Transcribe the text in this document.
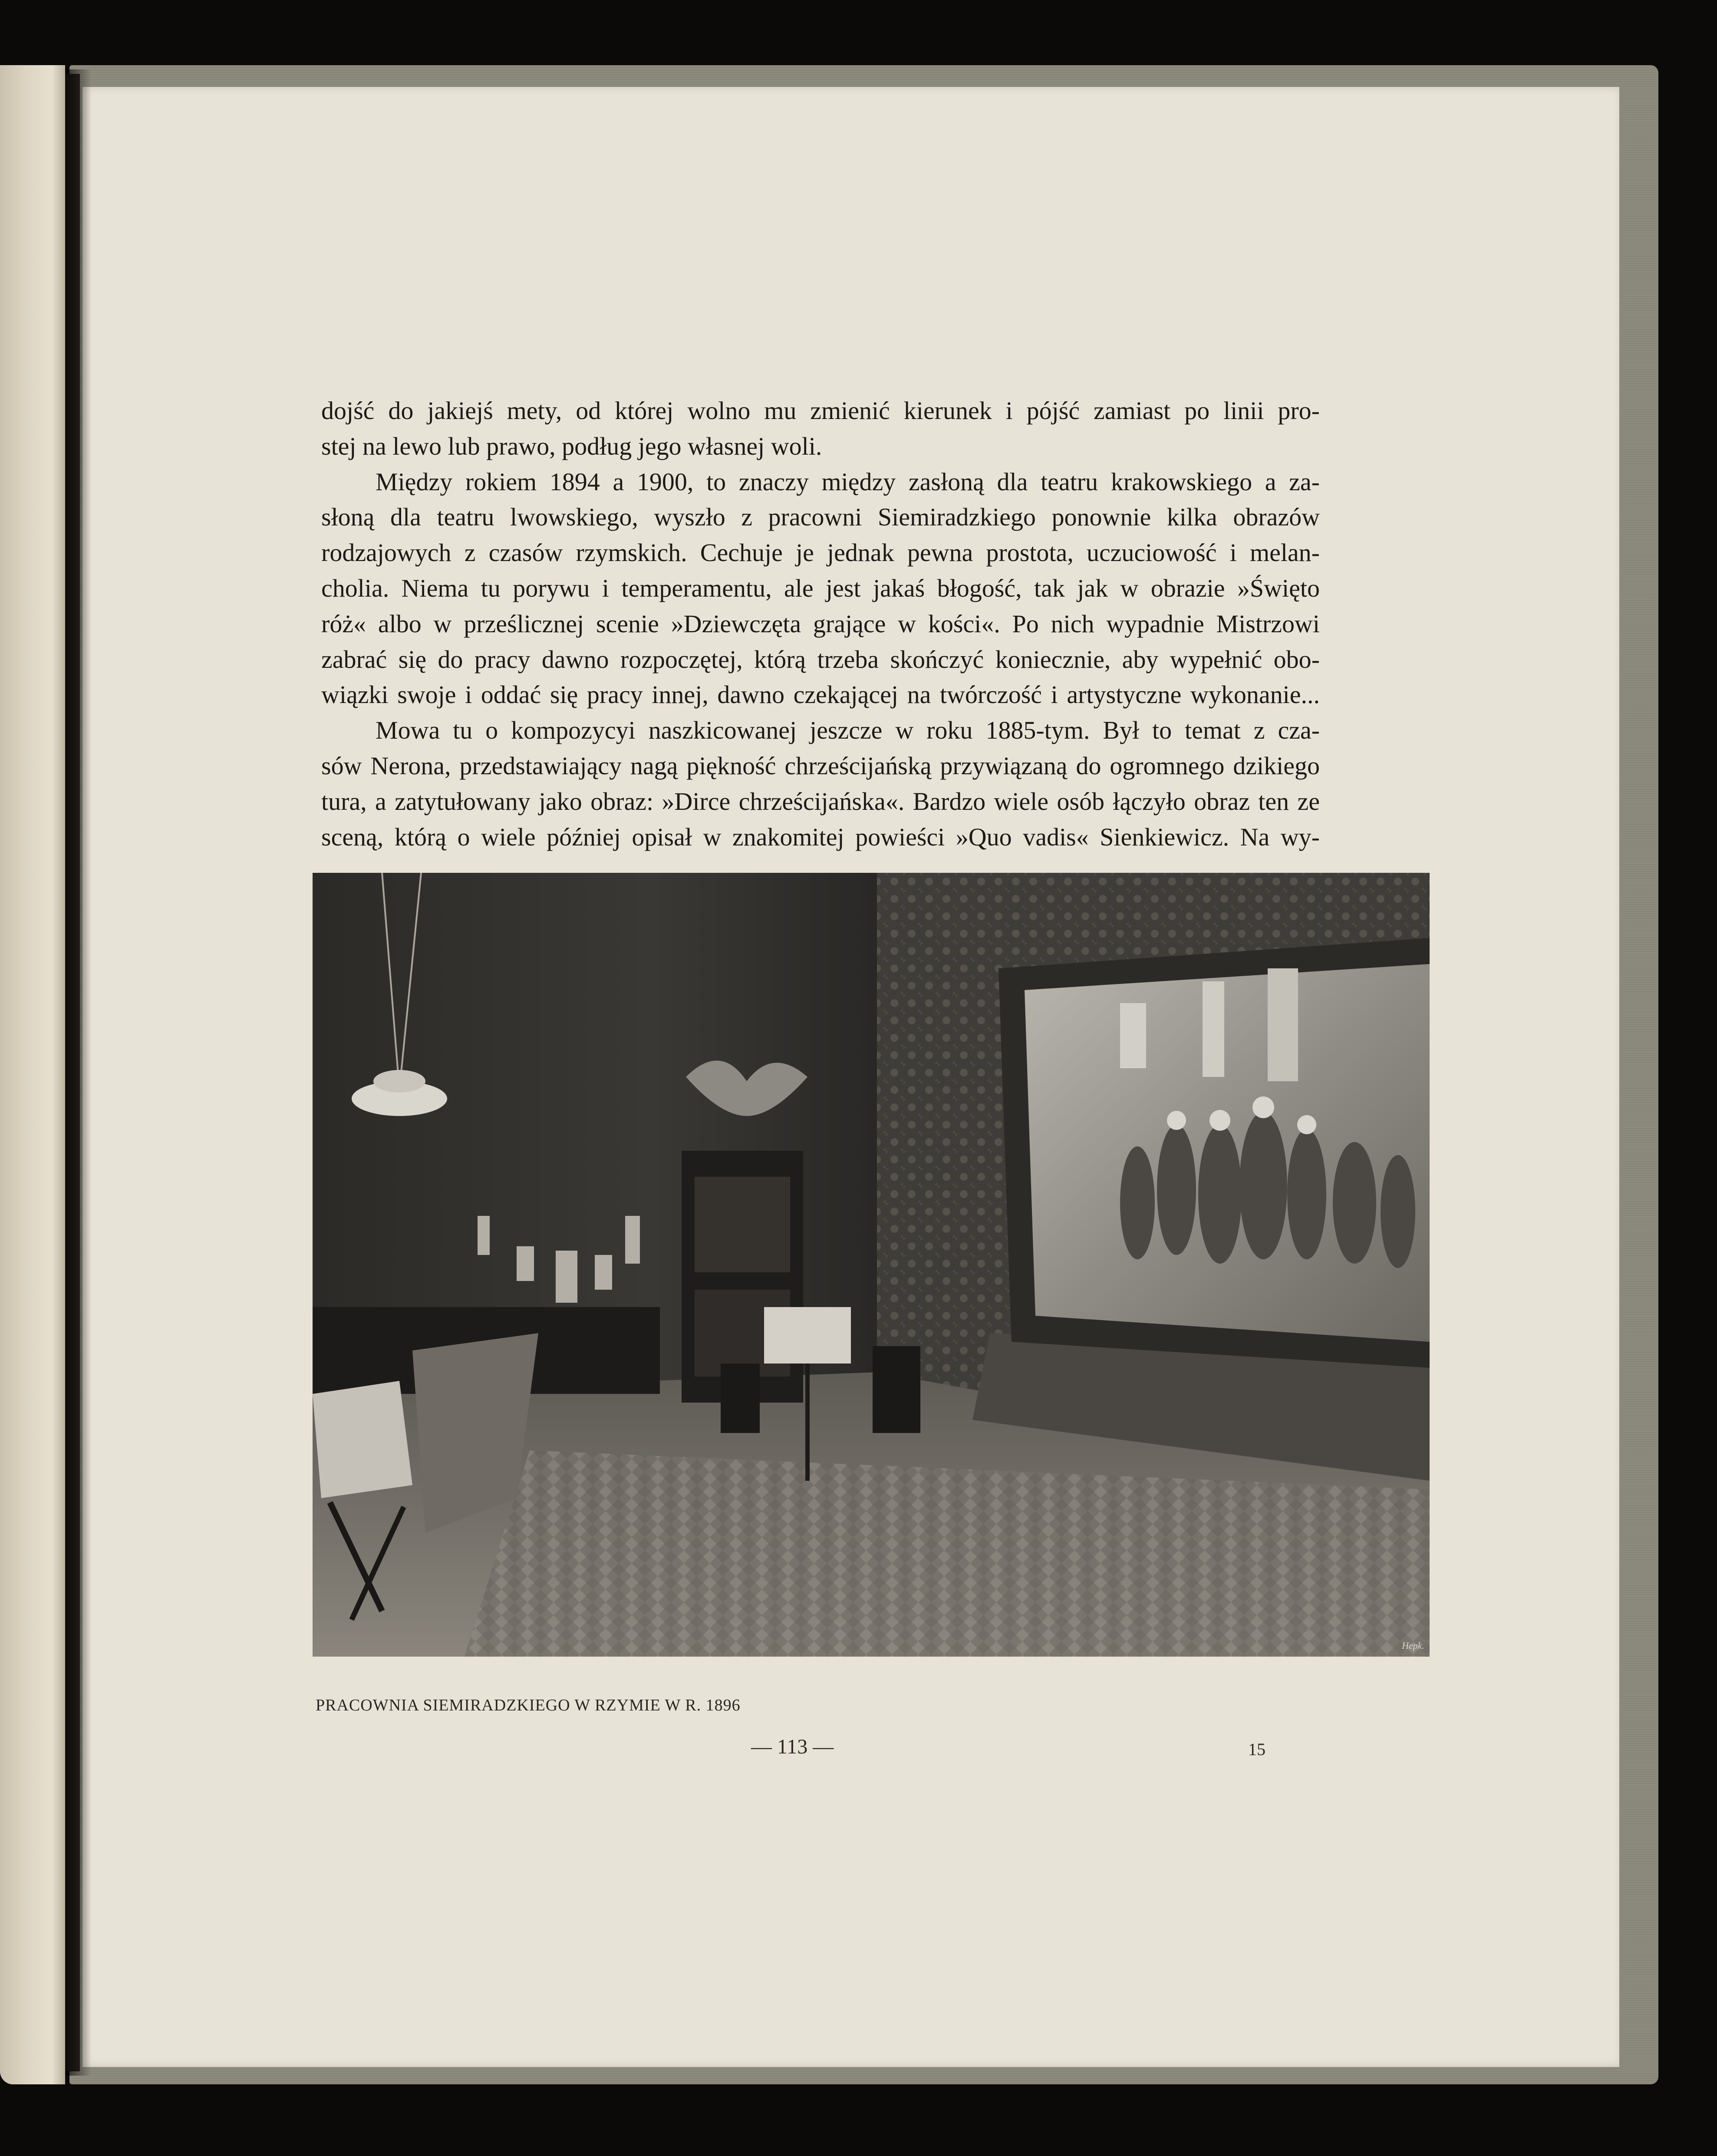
dojść do jakiejś mety, od której wolno mu zmienić kierunek i pójść zamiast po linii pro-
stej na lewo lub prawo, podług jego własnej woli.
Między rokiem 1894 a 1900, to znaczy między zasłoną dla teatru krakowskiego a za-
słoną dla teatru lwowskiego, wyszło z pracowni Siemiradzkiego ponownie kilka obrazów
rodzajowych z czasów rzymskich. Cechuje je jednak pewna prostota, uczuciowość i melan-
cholia. Niema tu porywu i temperamentu, ale jest jakaś błogość, tak jak w obrazie »Święto
róż« albo w prześlicznej scenie »Dziewczęta grające w kości«. Po nich wypadnie Mistrzowi
zabrać się do pracy dawno rozpoczętej, którą trzeba skończyć koniecznie, aby wypełnić obo-
wiązki swoje i oddać się pracy innej, dawno czekającej na twórczość i artystyczne wykonanie...
Mowa tu o kompozycyi naszkicowanej jeszcze w roku 1885-tym. Był to temat z cza-
sów Nerona, przedstawiający nagą piękność chrześcijańską przywiązaną do ogromnego dzikiego
tura, a zatytułowany jako obraz: »Dirce chrześcijańska«. Bardzo wiele osób łączyło obraz ten ze
sceną, którą o wiele później opisał w znakomitej powieści »Quo vadis« Sienkiewicz. Na wy-
Hepk.
PRACOWNIA SIEMIRADZKIEGO W RZYMIE W R. 1896
— 113 —	15
